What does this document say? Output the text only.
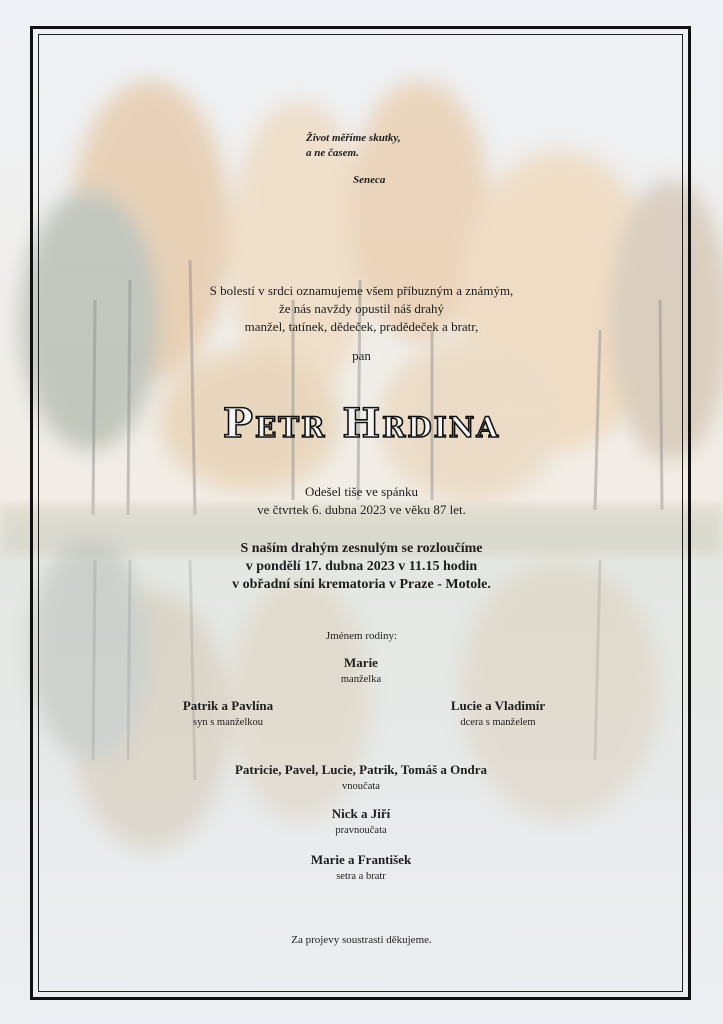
Život měříme skutky,
a ne časem.
Seneca
S bolestí v srdci oznamujeme všem příbuzným a známým,
že nás navždy opustil náš drahý
manžel, tatínek, dědeček, pradědeček a bratr,
pan
Petr Hrdina
Odešel tiše ve spánku
ve čtvrtek 6. dubna 2023 ve věku 87 let.
S naším drahým zesnulým se rozloučíme
v pondělí 17. dubna 2023 v 11.15 hodin
v obřadní síni krematoria v Praze - Motole.
Jménem rodiny:
Marie
manželka
Patrik a Pavlína
syn s manželkou
Lucie a Vladimír
dcera s manželem
Patricie, Pavel, Lucie, Patrik, Tomáš a Ondra
vnoučata
Nick a Jiří
pravnoučata
Marie a František
setra a bratr
Za projevy soustrasti děkujeme.
